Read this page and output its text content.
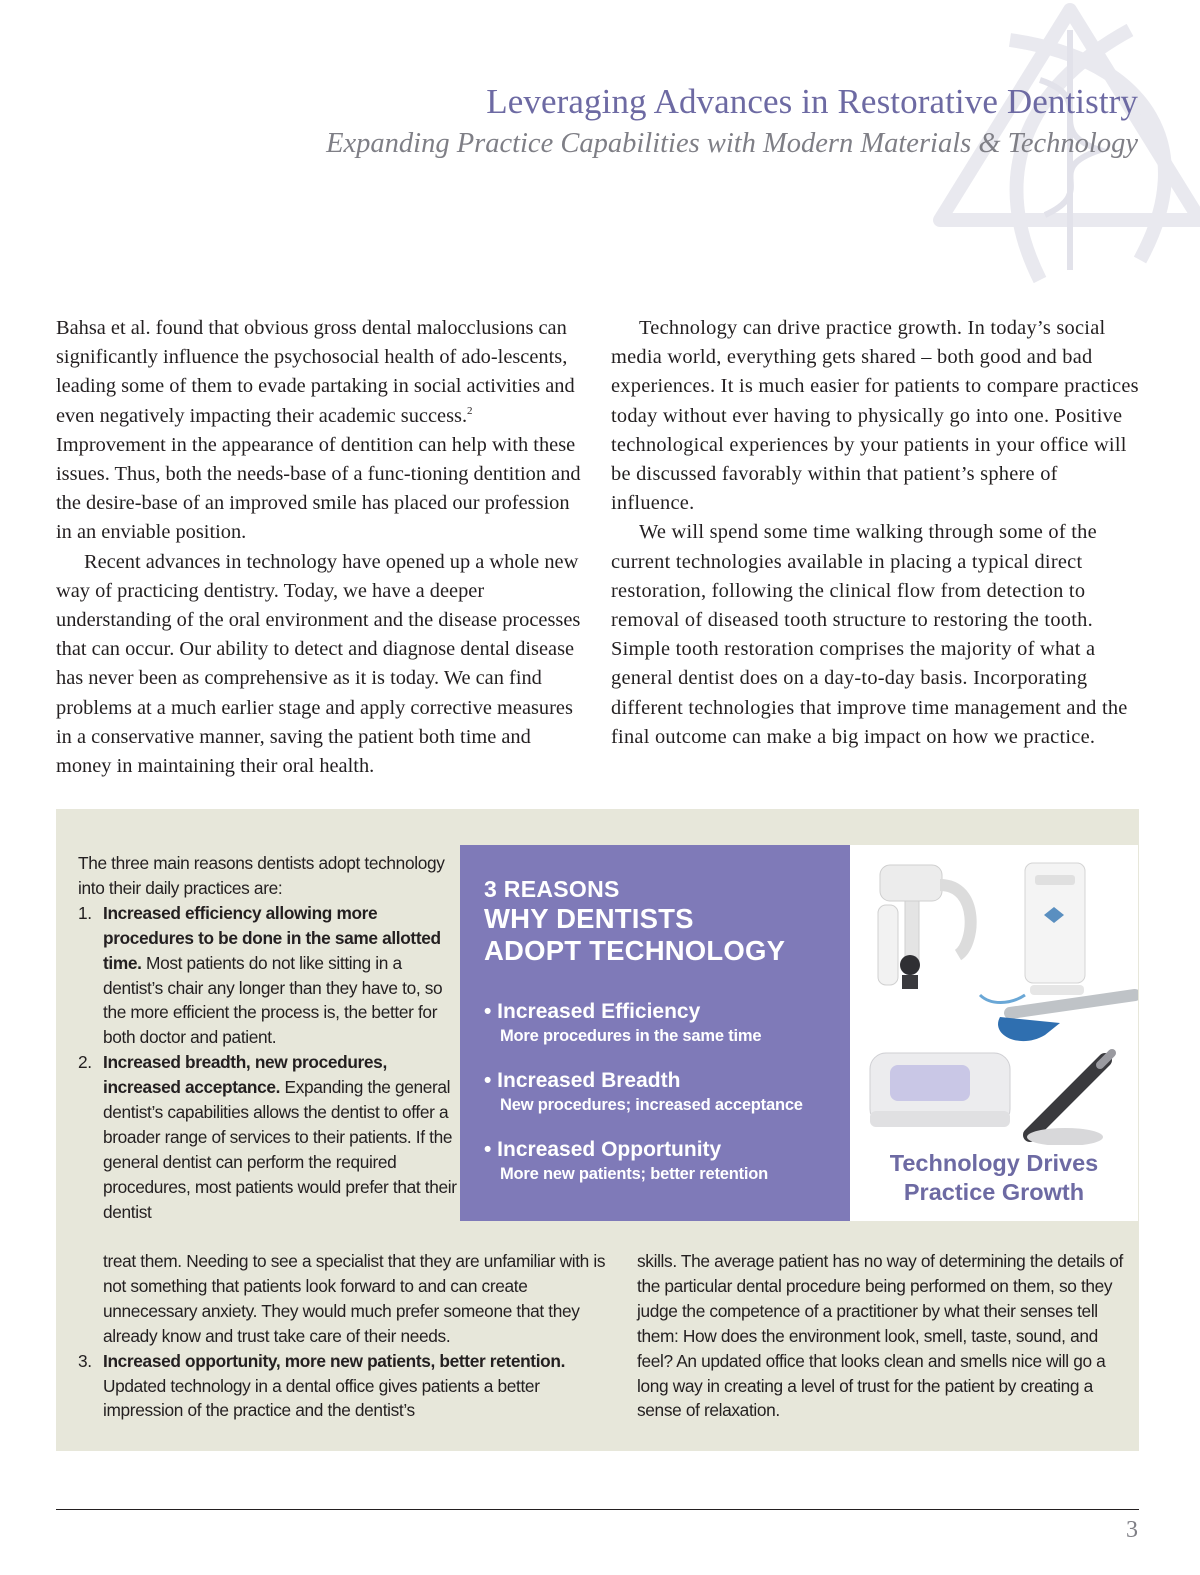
Leveraging Advances in Restorative Dentistry
Expanding Practice Capabilities with Modern Materials & Technology

Bahsa et al. found that obvious gross dental malocclusions can significantly influence the psychosocial health of ado-lescents, leading some of them to evade partaking in social activities and even negatively impacting their academic success.$^2$ Improvement in the appearance of dentition can help with these issues. Thus, both the needs-base of a func-tioning dentition and the desire-base of an improved smile has placed our profession in an enviable position.

Recent advances in technology have opened up a whole new way of practicing dentistry. Today, we have a deeper understanding of the oral environment and the disease processes that can occur. Our ability to detect and diagnose dental disease has never been as comprehensive as it is today. We can find problems at a much earlier stage and apply corrective measures in a conservative manner, saving the patient both time and money in maintaining their oral health.

Technology can drive practice growth. In today’s social media world, everything gets shared – both good and bad experiences. It is much easier for patients to compare practices today without ever having to physically go into one. Positive technological experiences by your patients in your office will be discussed favorably within that patient’s sphere of influence.

We will spend some time walking through some of the current technologies available in placing a typical direct restoration, following the clinical flow from detection to removal of diseased tooth structure to restoring the tooth. Simple tooth restoration comprises the majority of what a general dentist does on a day-to-day basis. Incorporating different technologies that improve time management and the final outcome can make a big impact on how we practice.

The three main reasons dentists adopt technology into their daily practices are:
1. Increased efficiency allowing more procedures to be done in the same allotted time. Most patients do not like sitting in a dentist’s chair any longer than they have to, so the more efficient the process is, the better for both doctor and patient.
2. Increased breadth, new procedures, increased acceptance. Expanding the general dentist’s capabilities allows the dentist to offer a broader range of services to their patients. If the general dentist can perform the required procedures, most patients would prefer that their dentist
treat them. Needing to see a specialist that they are unfamiliar with is not something that patients look forward to and can create unnecessary anxiety. They would much prefer someone that they already know and trust take care of their needs.
3. Increased opportunity, more new patients, better retention. Updated technology in a dental office gives patients a better impression of the practice and the dentist’s
skills. The average patient has no way of determining the details of the particular dental procedure being performed on them, so they judge the competence of a practitioner by what their senses tell them: How does the environment look, smell, taste, sound, and feel? An updated office that looks clean and smells nice will go a long way in creating a level of trust for the patient by creating a sense of relaxation.
3 REASONS
WHY DENTISTS
ADOPT TECHNOLOGY
• Increased Efficiency
More procedures in the same time
• Increased Breadth
New procedures; increased acceptance
• Increased Opportunity
More new patients; better retention	Technology Drives
Practice Growth
3
